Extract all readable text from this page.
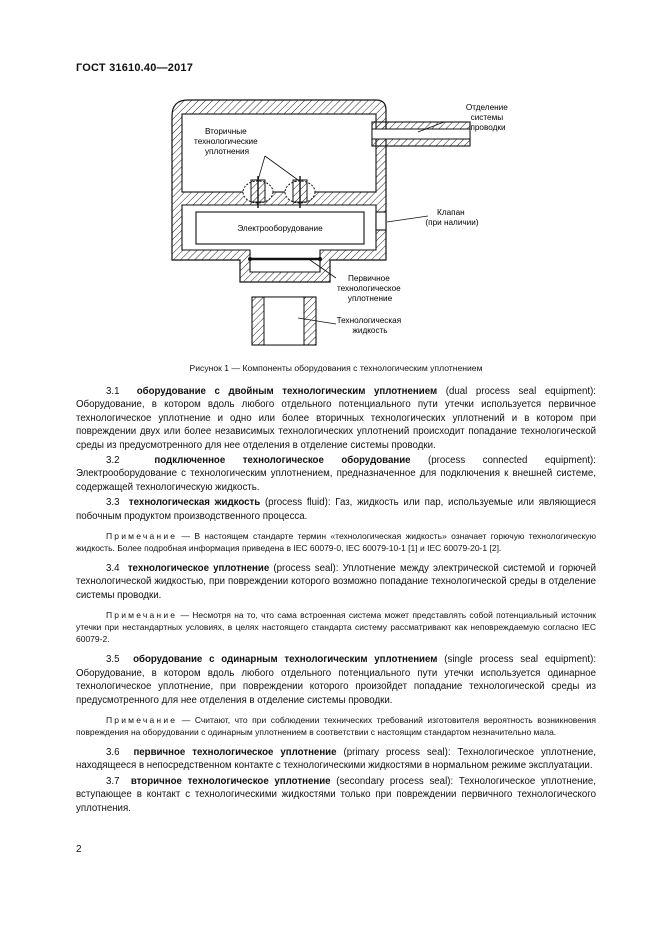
ГОСТ 31610.40—2017
Отделение системы проводки
Вторичные технологические уплотнения
Электрооборудование
Клапан (при наличии)
Первичное технологическое уплотнение
Технологическая жидкость
Рисунок 1 — Компоненты оборудования с технологическим уплотнением

3.1 оборудование с двойным технологическим уплотнением (dual process seal equipment): Оборудование, в котором вдоль любого отдельного потенциального пути утечки используется первичное технологическое уплотнение и одно или более вторичных технологических уплотнений и в котором при повреждении двух или более независимых технологических уплотнений происходит попадание технологической среды из предусмотренного для нее отделения в отделение системы проводки.

3.2	подключенное технологическое оборудование (process connected equipment): Электрооборудование с технологическим уплотнением, предназначенное для подключения к внешней системе, содержащей технологическую жидкость.

3.3 технологическая жидкость (process fluid): Газ, жидкость или пар, используемые или являющиеся побочным продуктом производственного процесса.

Примечание — В настоящем стандарте термин «технологическая жидкость» означает горючую технологическую жидкость. Более подробная информация приведена в IEC 60079-0, IEC 60079-10-1 [1] и IEC 60079-20-1 [2].

3.4 технологическое уплотнение (process seal): Уплотнение между электрической системой и горючей технологической жидкостью, при повреждении которого возможно попадание технологической среды в отделение системы проводки.

Примечание — Несмотря на то, что сама встроенная система может представлять собой потенциальный источник утечки при нестандартных условиях, в целях настоящего стандарта систему рассматривают как неповреждаемую согласно IEC 60079-2.

3.5 оборудование с одинарным технологическим уплотнением (single process seal equipment): Оборудование, в котором вдоль любого отдельного потенциального пути утечки используется одинарное технологическое уплотнение, при повреждении которого произойдет попадание технологической среды из предусмотренного для нее отделения в отделение системы проводки.

Примечание — Считают, что при соблюдении технических требований изготовителя вероятность возникновения повреждения на оборудовании с одинарным уплотнением в соответствии с настоящим стандартом незначительно мала.

3.6 первичное технологическое уплотнение (primary process seal): Технологическое уплотнение, находящееся в непосредственном контакте с технологическими жидкостями в нормальном режиме эксплуатации.

3.7 вторичное технологическое уплотнение (secondary process seal): Технологическое уплотнение, вступающее в контакт с технологическими жидкостями только при повреждении первичного технологического уплотнения.

2
